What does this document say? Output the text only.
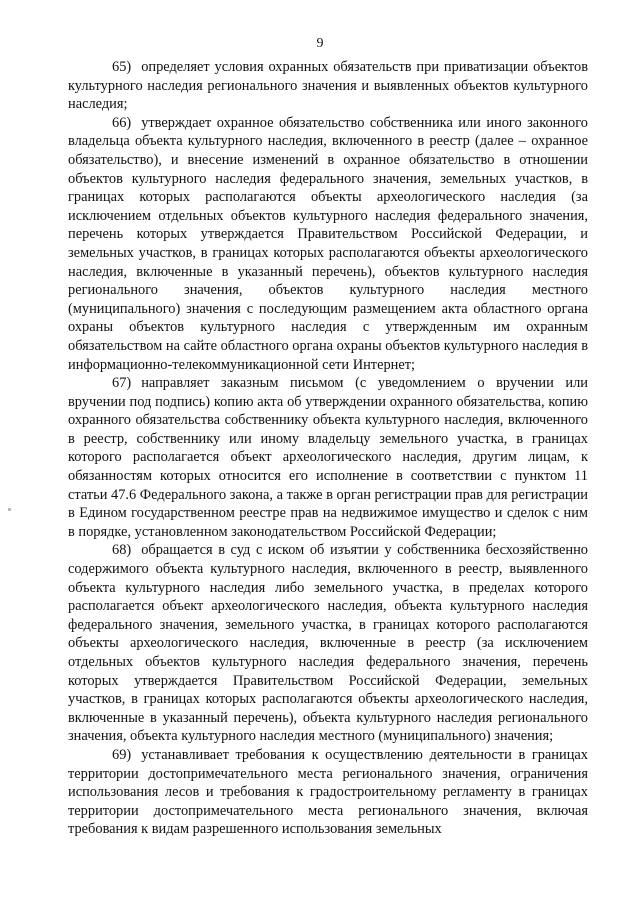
9

65) определяет условия охранных обязательств при приватизации объектов культурного наследия регионального значения и выявленных объектов культурного наследия;

66) утверждает охранное обязательство собственника или иного законного владельца объекта культурного наследия, включенного в реестр (далее – охранное обязательство), и внесение изменений в охранное обязательство в отношении объектов культурного наследия федерального значения, земельных участков, в границах которых располагаются объекты археологического наследия (за исключением отдельных объектов культурного наследия федерального значения, перечень которых утверждается Правительством Российской Федерации, и земельных участков, в границах которых располагаются объекты археологического наследия, включенные в указанный перечень), объектов культурного наследия регионального значения, объектов культурного наследия местного (муниципального) значения с последующим размещением акта областного органа охраны объектов культурного наследия с утвержденным им охранным обязательством на сайте областного органа охраны объектов культурного наследия в информационно-телекоммуникационной сети Интернет;

67) направляет заказным письмом (с уведомлением о вручении или вручении под подпись) копию акта об утверждении охранного обязательства, копию охранного обязательства собственнику объекта культурного наследия, включенного в реестр, собственнику или иному владельцу земельного участка, в границах которого располагается объект археологического наследия, другим лицам, к обязанностям которых относится его исполнение в соответствии с пунктом 11 статьи 47.6 Федерального закона, а также в орган регистрации прав для регистрации в Едином государственном реестре прав на недвижимое имущество и сделок с ним в порядке, установленном законодательством Российской Федерации;

68) обращается в суд с иском об изъятии у собственника бесхозяйственно содержимого объекта культурного наследия, включенного в реестр, выявленного объекта культурного наследия либо земельного участка, в пределах которого располагается объект археологического наследия, объекта культурного наследия федерального значения, земельного участка, в границах которого располагаются объекты археологического наследия, включенные в реестр (за исключением отдельных объектов культурного наследия федерального значения, перечень которых утверждается Правительством Российской Федерации, земельных участков, в границах которых располагаются объекты археологического наследия, включенные в указанный перечень), объекта культурного наследия регионального значения, объекта культурного наследия местного (муниципального) значения;

69) устанавливает требования к осуществлению деятельности в границах территории достопримечательного места регионального значения, ограничения использования лесов и требования к градостроительному регламенту в границах территории достопримечательного места регионального значения, включая требования к видам разрешенного использования земельных
